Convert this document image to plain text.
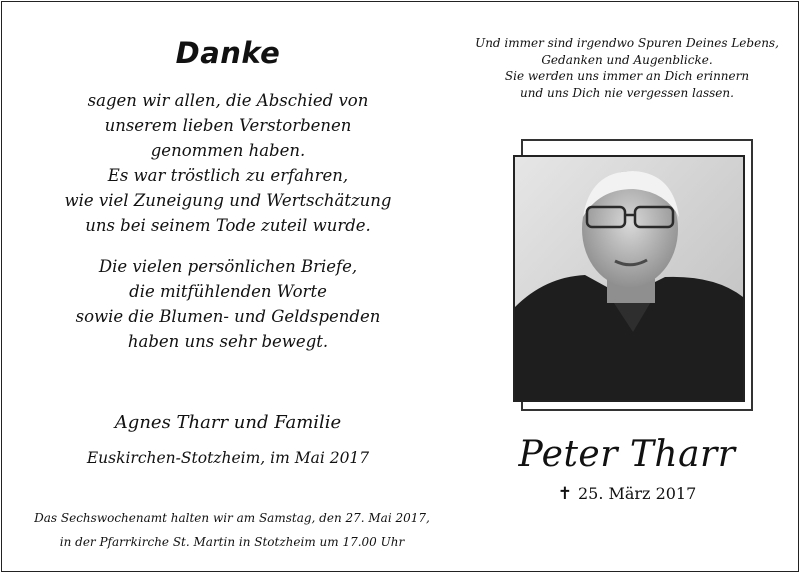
Danke
sagen wir allen, die Abschied von
unserem lieben Verstorbenen
genommen haben.
Es war tröstlich zu erfahren,
wie viel Zuneigung und Wertschätzung
uns bei seinem Tode zuteil wurde.
Die vielen persönlichen Briefe,
die mitfühlenden Worte
sowie die Blumen- und Geldspenden
haben uns sehr bewegt.
Agnes Tharr und Familie
Euskirchen-Stotzheim, im Mai 2017
Das Sechswochenamt halten wir am Samstag, den 27. Mai 2017,
in der Pfarrkirche St. Martin in Stotzheim um 17.00 Uhr
Und immer sind irgendwo Spuren Deines Lebens,
Gedanken und Augenblicke.
Sie werden uns immer an Dich erinnern
und uns Dich nie vergessen lassen.
Peter Tharr
✝ 25. März 2017
